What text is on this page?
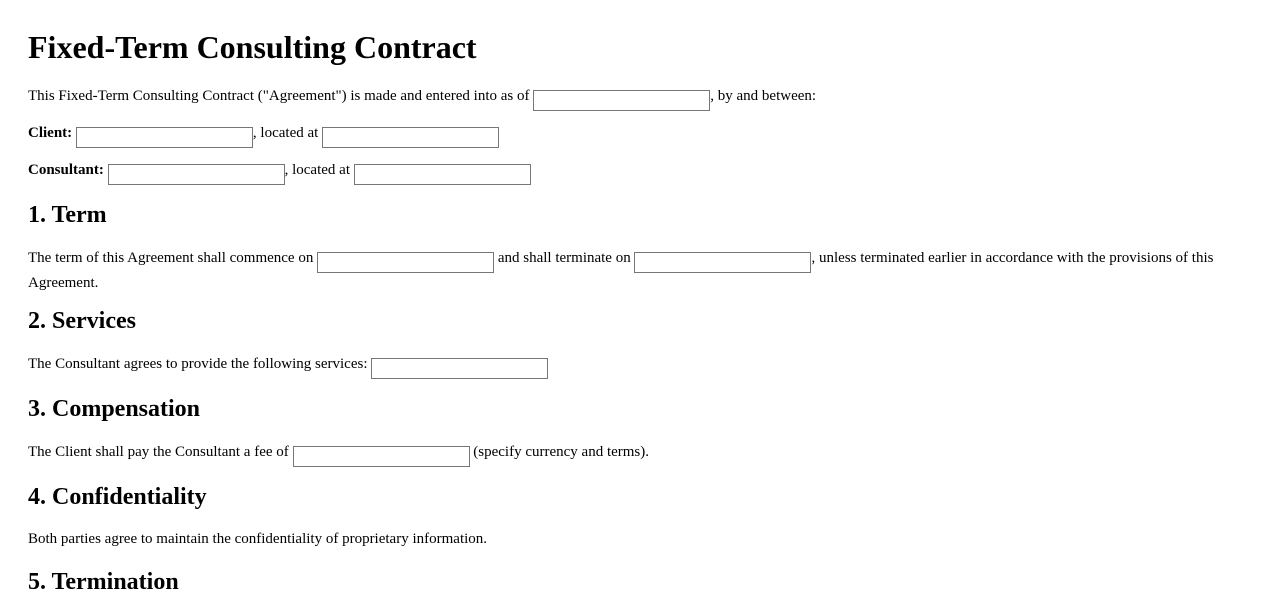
Fixed-Term Consulting Contract

This Fixed-Term Consulting Contract ("Agreement") is made and entered into as of	, by and between:

Client:	, located at

Consultant:	, located at

1. Term

The term of this Agreement shall commence on	and shall terminate on	, unless terminated earlier in accordance with the provisions of this Agreement.

2. Services

The Consultant agrees to provide the following services:

3. Compensation

The Client shall pay the Consultant a fee of	(specify currency and terms).

4. Confidentiality

Both parties agree to maintain the confidentiality of proprietary information.

5. Termination
